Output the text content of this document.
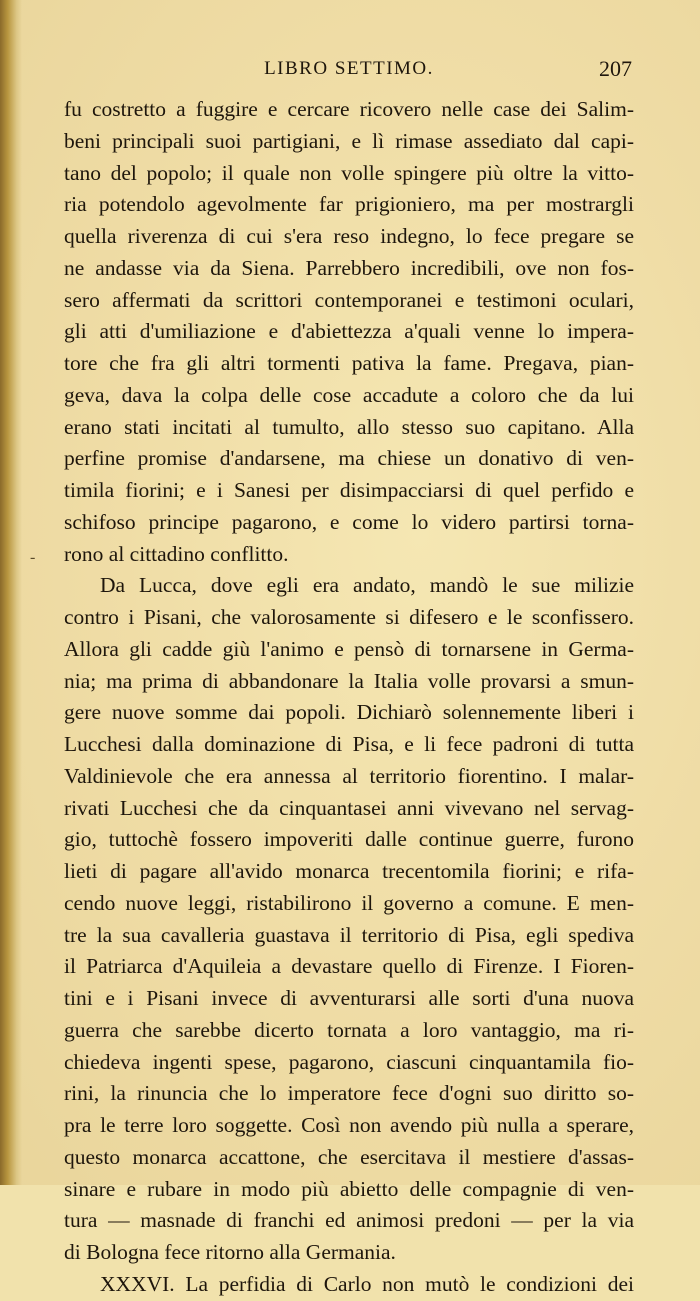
LIBRO SETTIMO.	207
-
fu costretto a fuggire e cercare ricovero nelle case dei Salim-
beni principali suoi partigiani, e lì rimase assediato dal capi-
tano del popolo; il quale non volle spingere più oltre la vitto-
ria potendolo agevolmente far prigioniero, ma per mostrargli
quella riverenza di cui s'era reso indegno, lo fece pregare se
ne andasse via da Siena. Parrebbero incredibili, ove non fos-
sero affermati da scrittori contemporanei e testimoni oculari,
gli atti d'umiliazione e d'abiettezza a'quali venne lo impera-
tore che fra gli altri tormenti pativa la fame. Pregava, pian-
geva, dava la colpa delle cose accadute a coloro che da lui
erano stati incitati al tumulto, allo stesso suo capitano. Alla
perfine promise d'andarsene, ma chiese un donativo di ven-
timila fiorini; e i Sanesi per disimpacciarsi di quel perfido e
schifoso principe pagarono, e come lo videro partirsi torna-
rono al cittadino conflitto.
Da Lucca, dove egli era andato, mandò le sue milizie
contro i Pisani, che valorosamente si difesero e le sconfissero.
Allora gli cadde giù l'animo e pensò di tornarsene in Germa-
nia; ma prima di abbandonare la Italia volle provarsi a smun-
gere nuove somme dai popoli. Dichiarò solennemente liberi i
Lucchesi dalla dominazione di Pisa, e li fece padroni di tutta
Valdinievole che era annessa al territorio fiorentino. I malar-
rivati Lucchesi che da cinquantasei anni vivevano nel servag-
gio, tuttochè fossero impoveriti dalle continue guerre, furono
lieti di pagare all'avido monarca trecentomila fiorini; e rifa-
cendo nuove leggi, ristabilirono il governo a comune. E men-
tre la sua cavalleria guastava il territorio di Pisa, egli spediva
il Patriarca d'Aquileia a devastare quello di Firenze. I Fioren-
tini e i Pisani invece di avventurarsi alle sorti d'una nuova
guerra che sarebbe dicerto tornata a loro vantaggio, ma ri-
chiedeva ingenti spese, pagarono, ciascuni cinquantamila fio-
rini, la rinuncia che lo imperatore fece d'ogni suo diritto so-
pra le terre loro soggette. Così non avendo più nulla a sperare,
questo monarca accattone, che esercitava il mestiere d'assas-
sinare e rubare in modo più abietto delle compagnie di ven-
tura — masnade di franchi ed animosi predoni — per la via
di Bologna fece ritorno alla Germania.
XXXVI. La perfidia di Carlo non mutò le condizioni dei
